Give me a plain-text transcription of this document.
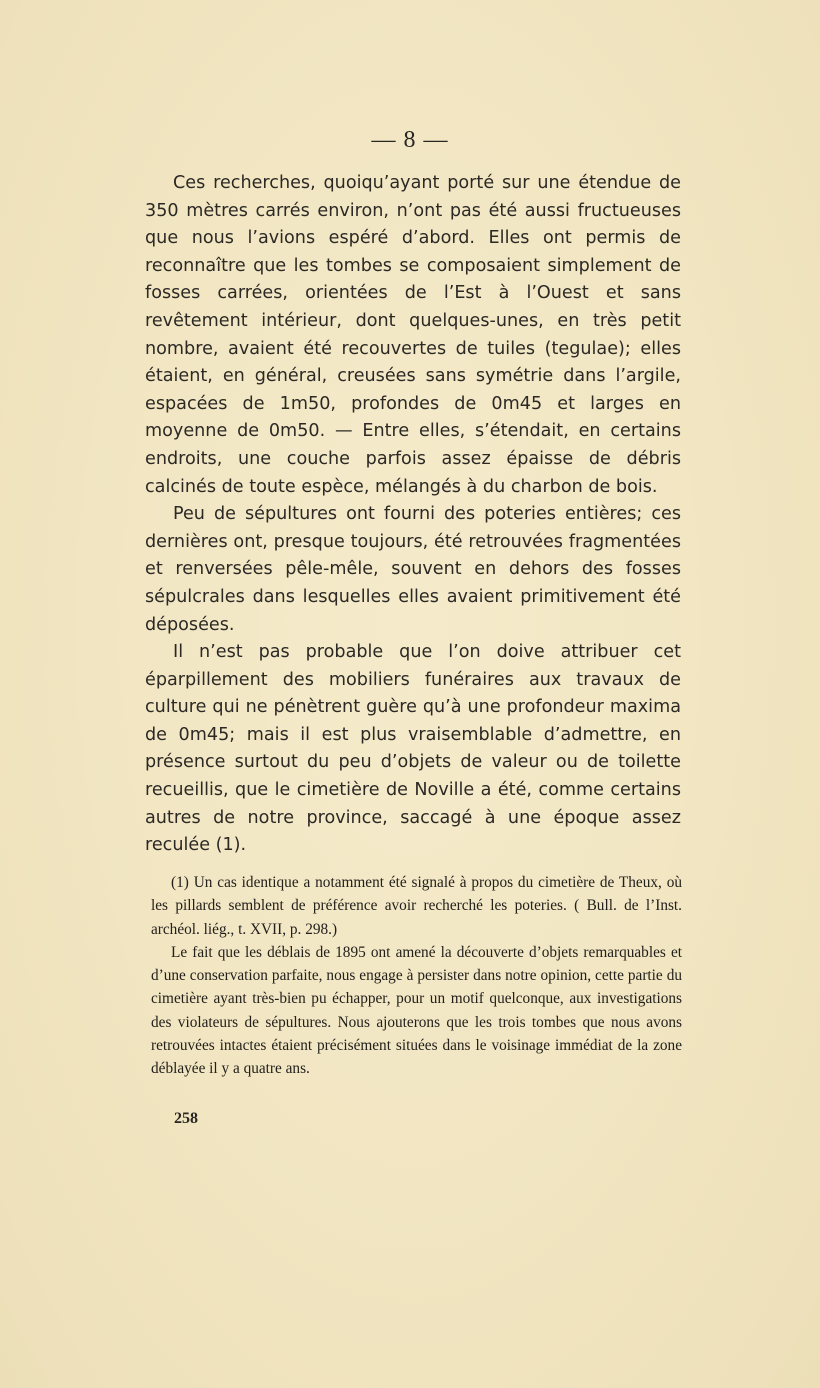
— 8 —

Ces recherches, quoiqu’ayant porté sur une étendue de 350 mètres carrés environ, n’ont pas été aussi fructueuses que nous l’avions espéré d’abord. Elles ont permis de reconnaître que les tombes se composaient simplement de fosses carrées, orientées de l’Est à l’Ouest et sans revêtement intérieur, dont quelques-unes, en très petit nombre, avaient été recouvertes de tuiles (tegulae); elles étaient, en général, creusées sans symétrie dans l’argile, espacées de 1m50, profondes de 0m45 et larges en moyenne de 0m50. — Entre elles, s’étendait, en certains endroits, une couche parfois assez épaisse de débris calcinés de toute espèce, mélangés à du charbon de bois.

Peu de sépultures ont fourni des poteries entières; ces dernières ont, presque toujours, été retrouvées fragmentées et renversées pêle-mêle, souvent en dehors des fosses sépulcrales dans lesquelles elles avaient primitivement été déposées.

Il n’est pas probable que l’on doive attribuer cet éparpillement des mobiliers funéraires aux travaux de culture qui ne pénètrent guère qu’à une profondeur maxima de 0m45; mais il est plus vraisemblable d’admettre, en présence surtout du peu d’objets de valeur ou de toilette recueillis, que le cimetière de Noville a été, comme certains autres de notre province, saccagé à une époque assez reculée (1).

(1) Un cas identique a notamment été signalé à propos du cimetière de Theux, où les pillards semblent de préférence avoir recherché les poteries. ( Bull. de l’Inst. archéol. liég., t. XVII, p. 298.)

Le fait que les déblais de 1895 ont amené la découverte d’objets remarquables et d’une conservation parfaite, nous engage à persister dans notre opinion, cette partie du cimetière ayant très-bien pu échapper, pour un motif quelconque, aux investigations des violateurs de sépultures. Nous ajouterons que les trois tombes que nous avons retrouvées intactes étaient précisément situées dans le voisinage immédiat de la zone déblayée il y a quatre ans.

258
